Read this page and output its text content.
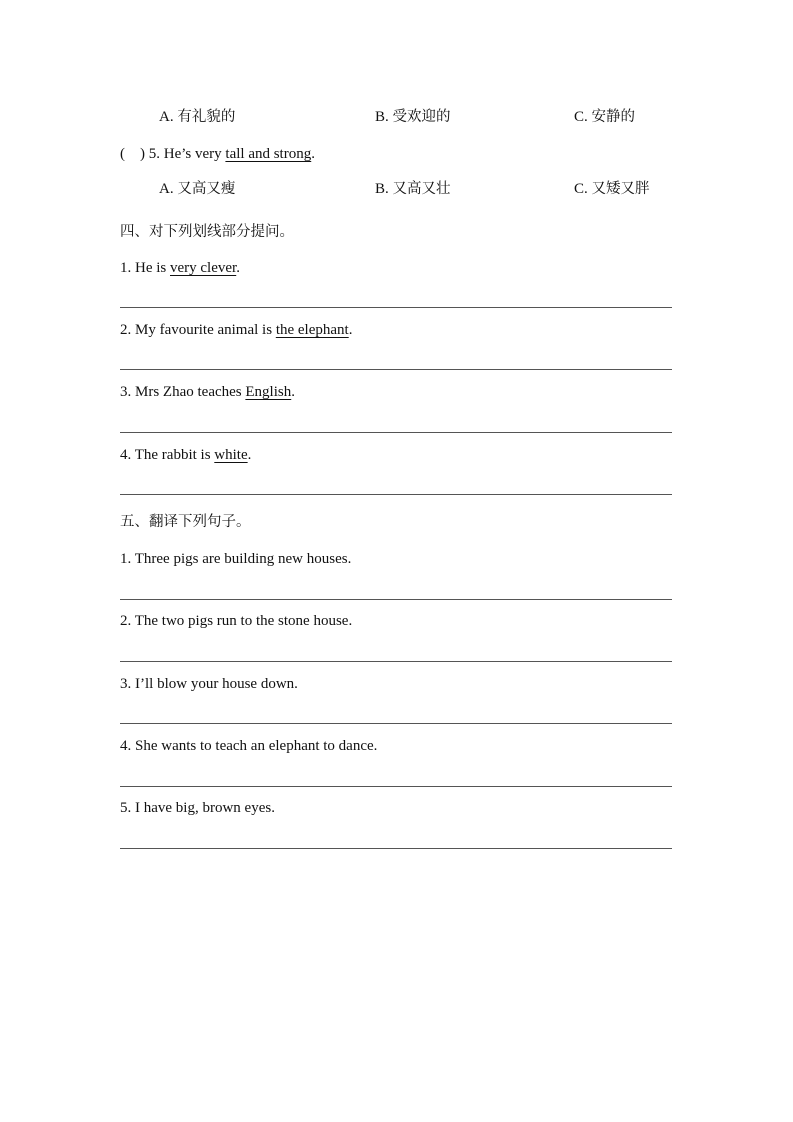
A. 有礼貌的	B. 受欢迎的	C. 安静的
(    ) 5. He’s very tall and strong.
A. 又高又瘦	B. 又高又壮	C. 又矮又胖
四、对下列划线部分提问。
1. He is very clever.
2. My favourite animal is the elephant.
3. Mrs Zhao teaches English.
4. The rabbit is white.
五、翻译下列句子。
1. Three pigs are building new houses.
2. The two pigs run to the stone house.
3. I’ll blow your house down.
4. She wants to teach an elephant to dance.
5. I have big, brown eyes.
